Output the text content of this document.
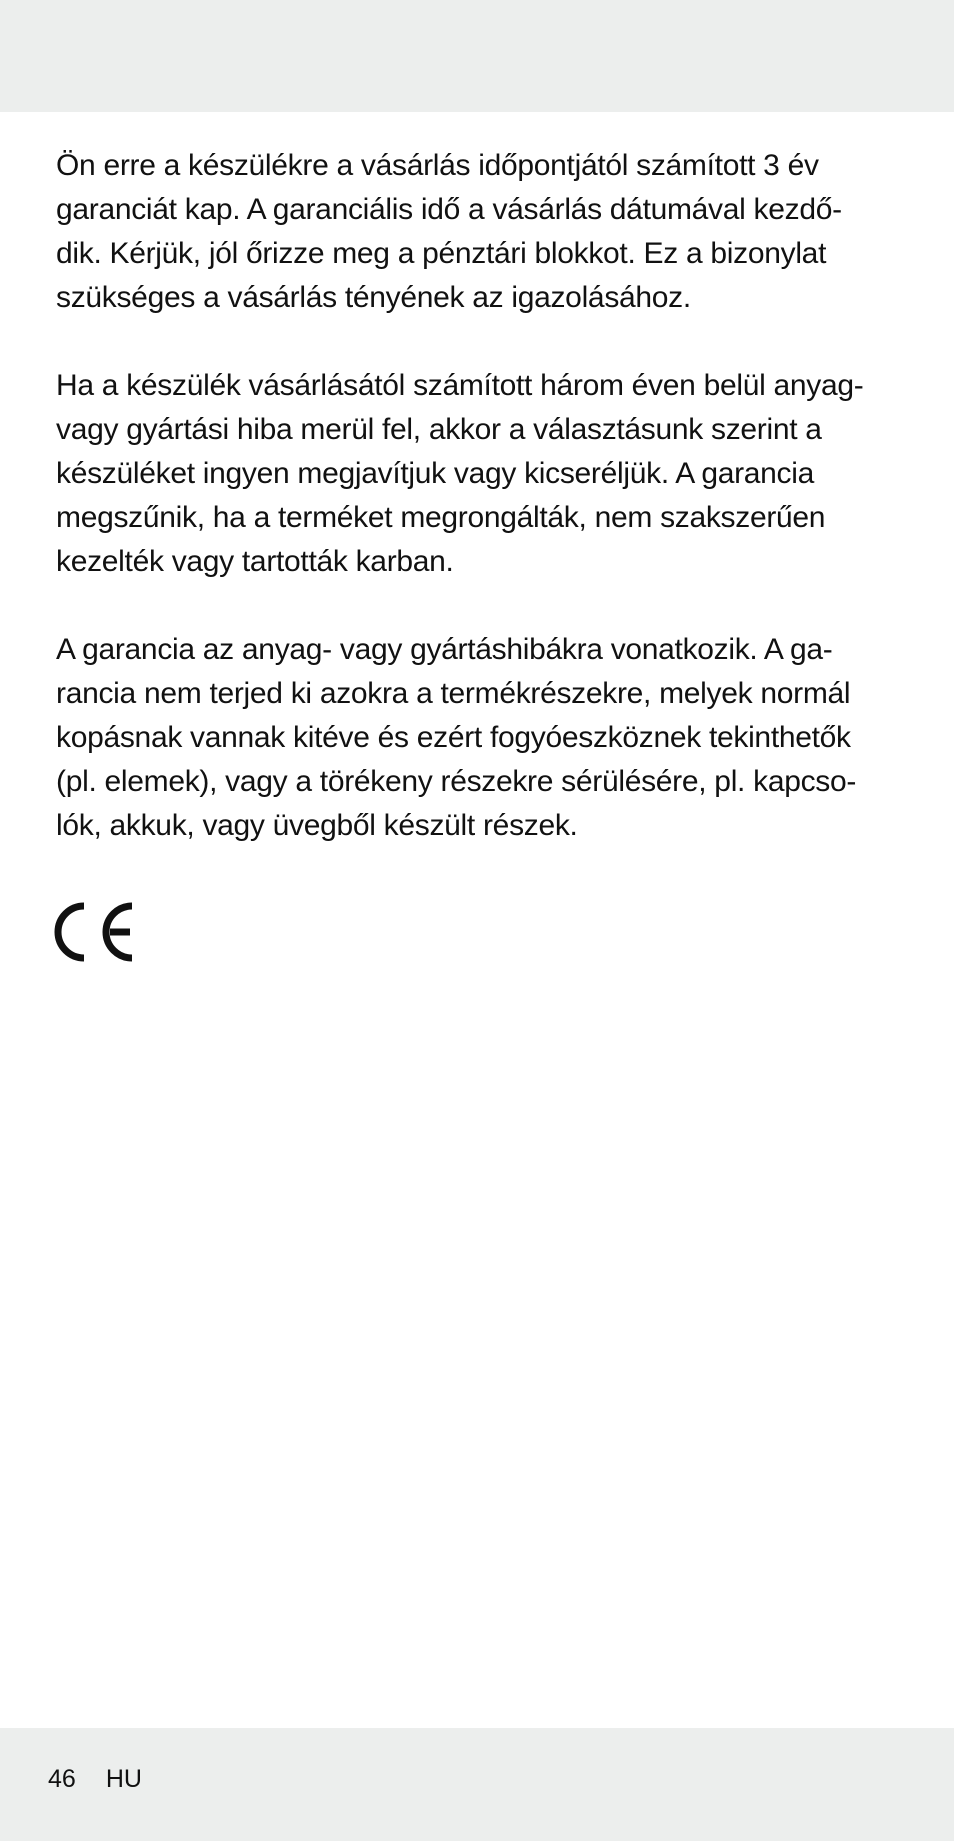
Ön erre a készülékre a vásárlás időpontjától számított 3 év
garanciát kap. A garanciális idő a vásárlás dátumával kezdő-
dik. Kérjük, jól őrizze meg a pénztári blokkot. Ez a bizonylat
szükséges a vásárlás tényének az igazolásához.

Ha a készülék vásárlásától számított három éven belül anyag-
vagy gyártási hiba merül fel, akkor a választásunk szerint a
készüléket ingyen megjavítjuk vagy kicseréljük. A garancia
megszűnik, ha a terméket megrongálták, nem szakszerűen
kezelték vagy tartották karban.

A garancia az anyag- vagy gyártáshibákra vonatkozik. A ga-
rancia nem terjed ki azokra a termékrészekre, melyek normál
kopásnak vannak kitéve és ezért fogyóeszköznek tekinthetők
(pl. elemek), vagy a törékeny részekre sérülésére, pl. kapcso-
lók, akkuk, vagy üvegből készült részek.

46 HU
